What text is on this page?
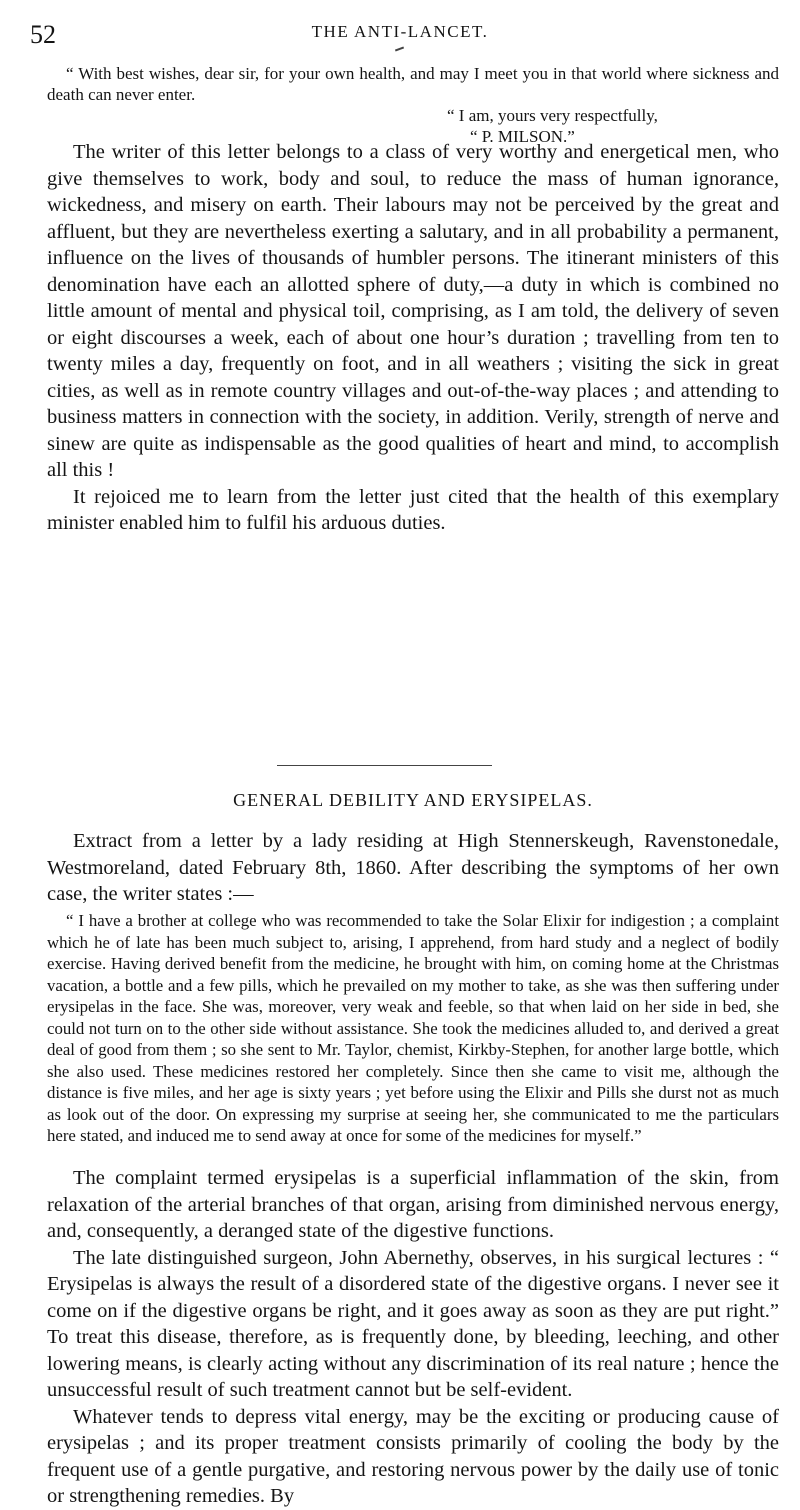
52	THE ANTI-LANCET.

“ With best wishes, dear sir, for your own health, and may I meet you in that world where sickness and death can never enter.

“ I am, yours very respectfully,

“ P. MILSON.”

The writer of this letter belongs to a class of very worthy and energetical men, who give themselves to work, body and soul, to reduce the mass of human ignorance, wickedness, and misery on earth. Their labours may not be perceived by the great and affluent, but they are nevertheless exerting a salutary, and in all probability a permanent, influence on the lives of thousands of humbler persons. The itinerant ministers of this denomination have each an allotted sphere of duty,—a duty in which is combined no little amount of mental and physical toil, comprising, as I am told, the delivery of seven or eight discourses a week, each of about one hour’s duration ; travelling from ten to twenty miles a day, frequently on foot, and in all weathers ; visiting the sick in great cities, as well as in remote country villages and out-of-the-way places ; and attending to business matters in connection with the society, in addition. Verily, strength of nerve and sinew are quite as indispensable as the good qualities of heart and mind, to accomplish all this !

It rejoiced me to learn from the letter just cited that the health of this exemplary minister enabled him to fulfil his arduous duties.

GENERAL DEBILITY AND ERYSIPELAS.

Extract from a letter by a lady residing at High Stennerskeugh, Ravenstonedale, Westmoreland, dated February 8th, 1860. After describing the symptoms of her own case, the writer states :—

“ I have a brother at college who was recommended to take the Solar Elixir for indigestion ; a complaint which he of late has been much subject to, arising, I apprehend, from hard study and a neglect of bodily exercise. Having derived benefit from the medicine, he brought with him, on coming home at the Christmas vacation, a bottle and a few pills, which he prevailed on my mother to take, as she was then suffering under erysipelas in the face. She was, moreover, very weak and feeble, so that when laid on her side in bed, she could not turn on to the other side without assistance. She took the medicines alluded to, and derived a great deal of good from them ; so she sent to Mr. Taylor, chemist, Kirkby-Stephen, for another large bottle, which she also used. These medicines restored her completely. Since then she came to visit me, although the distance is five miles, and her age is sixty years ; yet before using the Elixir and Pills she durst not as much as look out of the door. On expressing my surprise at seeing her, she communicated to me the particulars here stated, and induced me to send away at once for some of the medicines for myself.”

The complaint termed erysipelas is a superficial inflammation of the skin, from relaxation of the arterial branches of that organ, arising from diminished nervous energy, and, consequently, a deranged state of the digestive functions.

The late distinguished surgeon, John Abernethy, observes, in his surgical lectures : “ Erysipelas is always the result of a disordered state of the digestive organs. I never see it come on if the digestive organs be right, and it goes away as soon as they are put right.” To treat this disease, therefore, as is frequently done, by bleeding, leeching, and other lowering means, is clearly acting without any discrimination of its real nature ; hence the unsuccessful result of such treatment cannot but be self-evident.

Whatever tends to depress vital energy, may be the exciting or producing cause of erysipelas ; and its proper treatment consists primarily of cooling the body by the frequent use of a gentle purgative, and restoring nervous power by the daily use of tonic or strengthening remedies. By
